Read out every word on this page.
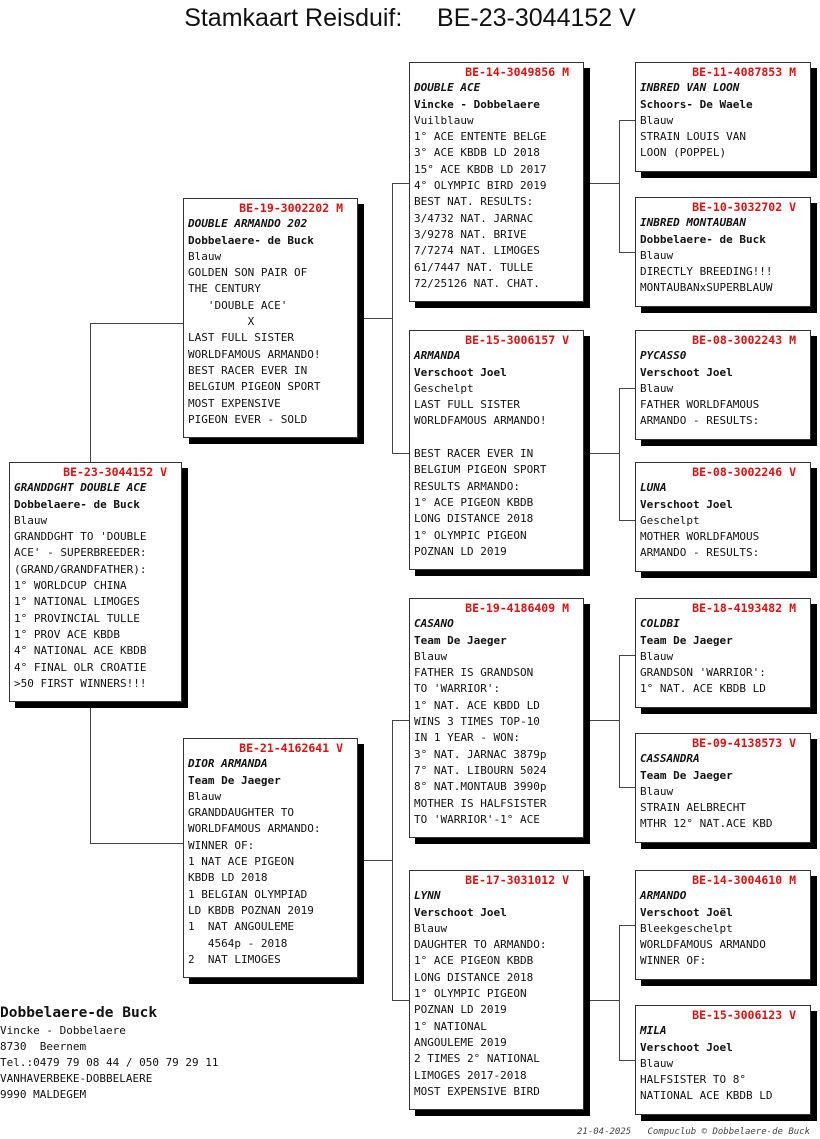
Stamkaart Reisduif:     BE-23-3044152 V
BE-23-3044152 V
GRANDDGHT DOUBLE ACE
Dobbelaere- de Buck
Blauw
GRANDDGHT TO 'DOUBLE
ACE' - SUPERBREEDER:
(GRAND/GRANDFATHER):
1° WORLDCUP CHINA
1° NATIONAL LIMOGES
1° PROVINCIAL TULLE
1° PROV ACE KBDB
4° NATIONAL ACE KBDB
4° FINAL OLR CROATIE
>50 FIRST WINNERS!!!
BE-19-3002202 M
DOUBLE ARMANDO 202
Dobbelaere- de Buck
Blauw
GOLDEN SON PAIR OF
THE CENTURY
'DOUBLE ACE'
X
LAST FULL SISTER
WORLDFAMOUS ARMANDO!
BEST RACER EVER IN
BELGIUM PIGEON SPORT
MOST EXPENSIVE
PIGEON EVER - SOLD
BE-21-4162641 V
DIOR ARMANDA
Team De Jaeger
Blauw
GRANDDAUGHTER TO
WORLDFAMOUS ARMANDO:
WINNER OF:
1 NAT ACE PIGEON
KBDB LD 2018
1 BELGIAN OLYMPIAD
LD KBDB POZNAN 2019
1  NAT ANGOULEME
4564p - 2018
2  NAT LIMOGES
BE-14-3049856 M
DOUBLE ACE
Vincke - Dobbelaere
Vuilblauw
1° ACE ENTENTE BELGE
3° ACE KBDB LD 2018
15° ACE KBDB LD 2017
4° OLYMPIC BIRD 2019
BEST NAT. RESULTS:
3/4732 NAT. JARNAC
3/9278 NAT. BRIVE
7/7274 NAT. LIMOGES
61/7447 NAT. TULLE
72/25126 NAT. CHAT.
BE-15-3006157 V
ARMANDA
Verschoot Joel
Geschelpt
LAST FULL SISTER
WORLDFAMOUS ARMANDO!

BEST RACER EVER IN
BELGIUM PIGEON SPORT
RESULTS ARMANDO:
1° ACE PIGEON KBDB
LONG DISTANCE 2018
1° OLYMPIC PIGEON
POZNAN LD 2019
BE-19-4186409 M
CASANO
Team De Jaeger
Blauw
FATHER IS GRANDSON
TO 'WARRIOR':
1° NAT. ACE KBDD LD
WINS 3 TIMES TOP-10
IN 1 YEAR - WON:
3° NAT. JARNAC 3879p
7° NAT. LIBOURN 5024
8° NAT.MONTAUB 3990p
MOTHER IS HALFSISTER
TO 'WARRIOR'-1° ACE
BE-17-3031012 V
LYNN
Verschoot Joel
Blauw
DAUGHTER TO ARMANDO:
1° ACE PIGEON KBDB
LONG DISTANCE 2018
1° OLYMPIC PIGEON
POZNAN LD 2019
1° NATIONAL
ANGOULEME 2019
2 TIMES 2° NATIONAL
LIMOGES 2017-2018
MOST EXPENSIVE BIRD
BE-11-4087853 M
INBRED VAN LOON
Schoors- De Waele
Blauw
STRAIN LOUIS VAN
LOON (POPPEL)
BE-10-3032702 V
INBRED MONTAUBAN
Dobbelaere- de Buck
Blauw
DIRECTLY BREEDING!!!
MONTAUBANxSUPERBLAUW
BE-08-3002243 M
PYCASS0
Verschoot Joel
Blauw
FATHER WORLDFAMOUS
ARMANDO - RESULTS:
BE-08-3002246 V
LUNA
Verschoot Joel
Geschelpt
MOTHER WORLDFAMOUS
ARMANDO - RESULTS:
BE-18-4193482 M
COLDBI
Team De Jaeger
Blauw
GRANDSON 'WARRIOR':
1° NAT. ACE KBDB LD
BE-09-4138573 V
CASSANDRA
Team De Jaeger
Blauw
STRAIN AELBRECHT
MTHR 12° NAT.ACE KBD
BE-14-3004610 M
ARMANDO
Verschoot Joël
Bleekgeschelpt
WORLDFAMOUS ARMANDO
WINNER OF:
BE-15-3006123 V
MILA
Verschoot Joel
Blauw
HALFSISTER TO 8°
NATIONAL ACE KBDB LD
Dobbelaere-de Buck
Vincke - Dobbelaere
8730  Beernem
Tel.:0479 79 08 44 / 050 79 29 11
VANHAVERBEKE-DOBBELAERE
9990 MALDEGEM
21-04-2025   Compuclub © Dobbelaere-de Buck
